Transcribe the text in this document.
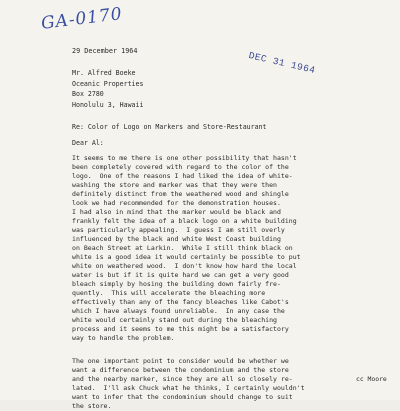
GA-0170
DEC 31 1964
29 December 1964
Mr. Alfred Boeke
Oceanic Properties
Box 2780
Honolulu 3, Hawaii
Re: Color of Logo on Markers and Store-Restaurant
Dear Al:
It seems to me there is one other possibility that hasn't
been completely covered with regard to the color of the
logo.  One of the reasons I had liked the idea of white-
washing the store and marker was that they were then
definitely distinct from the weathered wood and shingle
look we had recommended for the demonstration houses.
I had also in mind that the marker would be black and
frankly felt the idea of a black logo on a white building
was particularly appealing.  I guess I am still overly
influenced by the black and white West Coast building
on Beach Street at Larkin.  While I still think black on
white is a good idea it would certainly be possible to put
white on weathered wood.  I don't know how hard the local
water is but if it is quite hard we can get a very good
bleach simply by hosing the building down fairly fre-
quently.  This will accelerate the bleaching more
effectively than any of the fancy bleaches like Cabot's
which I have always found unreliable.  In any case the
white would certainly stand out during the bleaching
process and it seems to me this might be a satisfactory
way to handle the problem.
The one important point to consider would be whether we
want a difference between the condominium and the store
and the nearby marker, since they are all so closely re-
lated.  I'll ask Chuck what he thinks, I certainly wouldn't
want to infer that the condominium should change to suit
the store.
cc Moore
